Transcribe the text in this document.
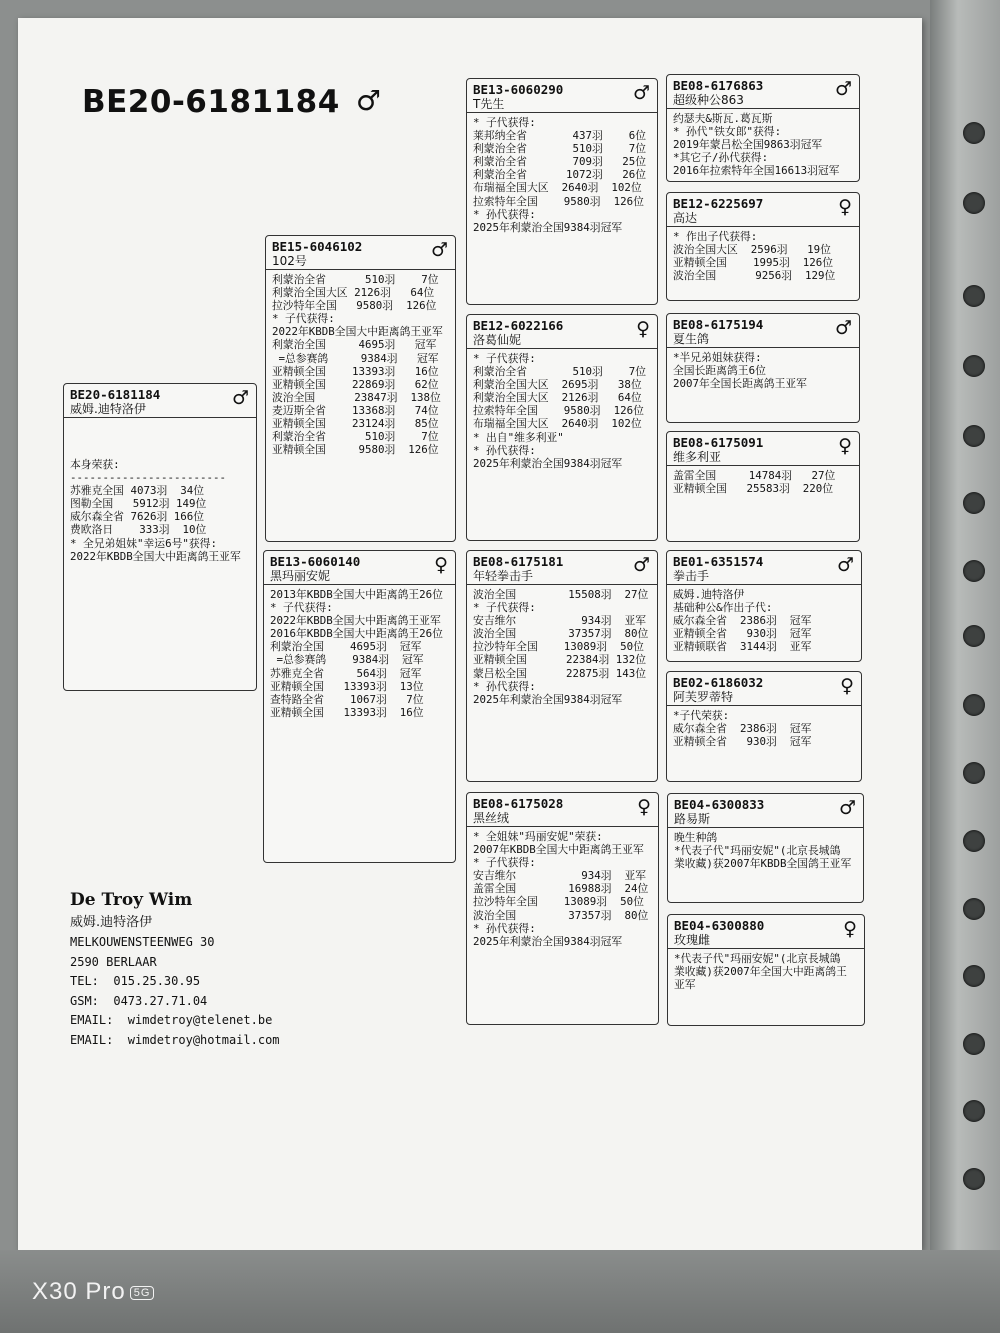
BE20-6181184 ♂
BE20-6181184
威姆.迪特洛伊	♂
本身荣获:
------------------------
苏雅克全国 4073羽  34位
图勒全国   5912羽 149位
威尔森全省 7626羽 166位
费欧洛日    333羽  10位
* 全兄弟姐妹"幸运6号"获得:
2022年KBDB全国大中距离鸽王亚军
BE15-6046102
102号	♂
利蒙治全省      510羽    7位
利蒙治全国大区 2126羽   64位
拉沙特年全国   9580羽  126位
* 子代获得:
2022年KBDB全国大中距离鸽王亚军
利蒙治全国     4695羽   冠军
=总参赛鸽     9384羽   冠军
亚精顿全国    13393羽   16位
亚精顿全国    22869羽   62位
波治全国      23847羽  138位
麦迈斯全省    13368羽   74位
亚精顿全国    23124羽   85位
利蒙治全省      510羽    7位
亚精顿全国     9580羽  126位
BE13-6060140
黑玛丽安妮	♀
2013年KBDB全国大中距离鸽王26位
* 子代获得:
2022年KBDB全国大中距离鸽王亚军
2016年KBDB全国大中距离鸽王26位
利蒙治全国    4695羽  冠军
=总参赛鸽    9384羽  冠军
苏雅克全省     564羽  冠军
亚精顿全国   13393羽  13位
查特路全省    1067羽   7位
亚精顿全国   13393羽  16位
BE13-6060290
T先生	♂
* 子代获得:
莱邦纳全省       437羽    6位
利蒙治全省       510羽    7位
利蒙治全省       709羽   25位
利蒙治全省      1072羽   26位
布瑞福全国大区  2640羽  102位
拉索特年全国    9580羽  126位
* 孙代获得:
2025年利蒙治全国9384羽冠军
BE12-6022166
洛葛仙妮	♀
* 子代获得:
利蒙治全省       510羽    7位
利蒙治全国大区  2695羽   38位
利蒙治全国大区  2126羽   64位
拉索特年全国    9580羽  126位
布瑞福全国大区  2640羽  102位
* 出自"维多利亚"
* 孙代获得:
2025年利蒙治全国9384羽冠军
BE08-6175181
年轻拳击手	♂
波治全国        15508羽  27位
* 子代获得:
安吉维尔          934羽  亚军
波治全国        37357羽  80位
拉沙特年全国    13089羽  50位
亚精顿全国      22384羽 132位
蒙吕松全国      22875羽 143位
* 孙代获得:
2025年利蒙治全国9384羽冠军
BE08-6175028
黑丝绒	♀
* 全姐妹"玛丽安妮"荣获:
2007年KBDB全国大中距离鸽王亚军
* 子代获得:
安吉维尔          934羽  亚军
盖雷全国        16988羽  24位
拉沙特年全国    13089羽  50位
波治全国        37357羽  80位
* 孙代获得:
2025年利蒙治全国9384羽冠军
BE08-6176863
超级种公863	♂
约瑟夫&斯瓦.葛瓦斯
* 孙代"铁女郎"获得:
2019年蒙吕松全国9863羽冠军
*其它子/孙代获得:
2016年拉索特年全国16613羽冠军
BE12-6225697
高达	♀
* 作出子代获得:
波治全国大区  2596羽   19位
亚精顿全国    1995羽  126位
波治全国      9256羽  129位
BE08-6175194
夏生鸽	♂
*半兄弟姐妹获得:
全国长距离鸽王6位
2007年全国长距离鸽王亚军
BE08-6175091
维多利亚	♀
盖雷全国     14784羽   27位
亚精顿全国   25583羽  220位
BE01-6351574
拳击手	♂
威姆.迪特洛伊
基础种公&作出子代:
威尔森全省  2386羽  冠军
亚精顿全省   930羽  冠军
亚精顿联省  3144羽  亚军
BE02-6186032
阿芙罗蒂特	♀
*子代荣获:
威尔森全省  2386羽  冠军
亚精顿全省   930羽  冠军
BE04-6300833
路易斯	♂
晚生种鸽
*代表子代"玛丽安妮"(北京長城鴿
業收藏)获2007年KBDB全国鸽王亚军
BE04-6300880
玫瑰雌	♀
*代表子代"玛丽安妮"(北京長城鴿
業收藏)获2007年全国大中距离鸽王
亚军
De Troy Wim
威姆.迪特洛伊
MELKOUWENSTEENWEG 30
2590 BERLAAR
TEL:  015.25.30.95
GSM:  0473.27.71.04
EMAIL:  wimdetroy@telenet.be
EMAIL:  wimdetroy@hotmail.com
X30 Pro 5G
